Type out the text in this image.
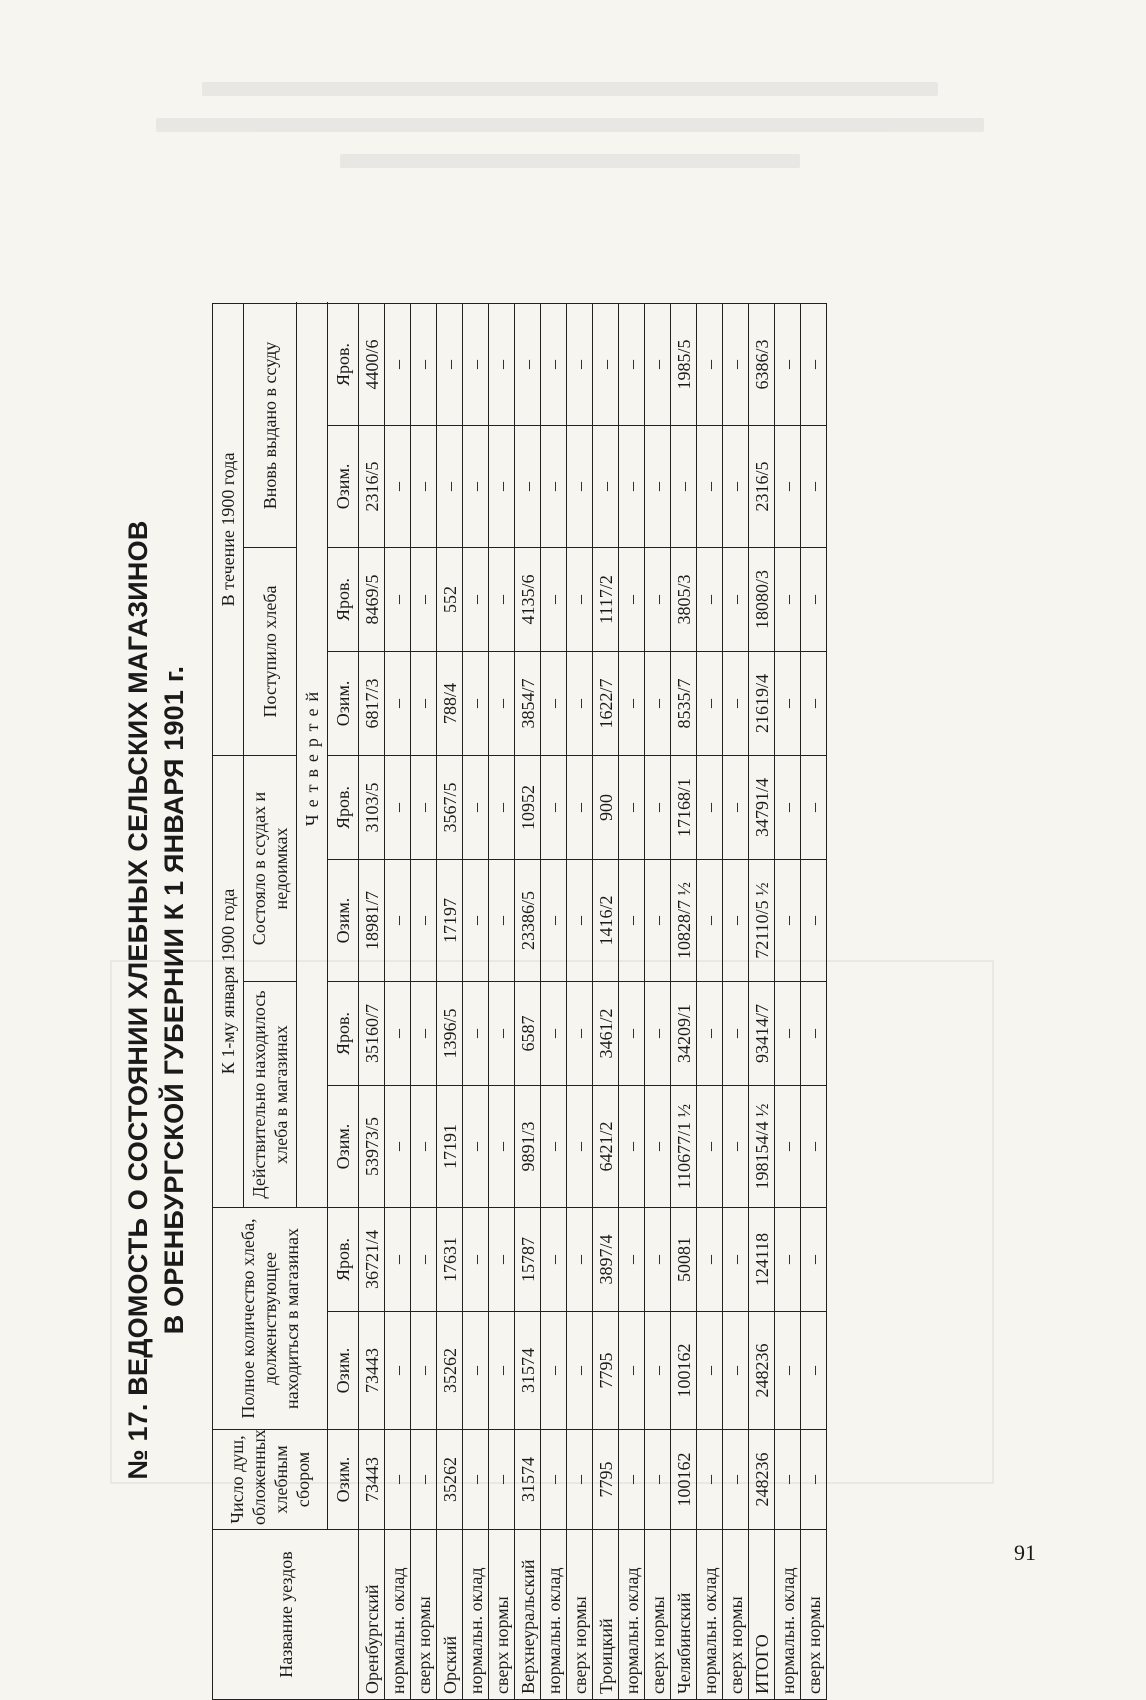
№ 17. ВЕДОМОСТЬ О СОСТОЯНИИ ХЛЕБНЫХ СЕЛЬСКИХ МАГАЗИНОВ В ОРЕНБУРГСКОЙ ГУБЕРНИИ К 1 ЯНВАРЯ 1901 г.
Название уездов	Число душ, обложенных хлебным сбором	Полное количество хлеба, долженствующее находиться в магазинах		К 1-му января 1900 года				В течение 1900 года			
				Действительно находилось хлеба в магазинах		Состояло в ссудах и недоимках		Поступило хлеба		Вновь выдано в ссуду	
				Четвертей							
	Озим.	Озим.	Яров.	Озим.	Яров.	Озим.	Яров.	Озим.	Яров.	Озим.	Яров.
Оренбургский	73443	73443	36721/4	53973/5	35160/7	18981/7	3103/5	6817/3	8469/5	2316/5	4400/6
нормальн. оклад	–	–	–	–	–	–	–	–	–	–	–
сверх нормы	–	–	–	–	–	–	–	–	–	–	–
Орский	35262	35262	17631	17191	1396/5	17197	3567/5	788/4	552	–	–
нормальн. оклад	–	–	–	–	–	–	–	–	–	–	–
сверх нормы	–	–	–	–	–	–	–	–	–	–	–
Верхнеуральский	31574	31574	15787	9891/3	6587	23386/5	10952	3854/7	4135/6	–	–
нормальн. оклад	–	–	–	–	–	–	–	–	–	–	–
сверх нормы	–	–	–	–	–	–	–	–	–	–	–
Троицкий	7795	7795	3897/4	6421/2	3461/2	1416/2	900	1622/7	1117/2	–	–
нормальн. оклад	–	–	–	–	–	–	–	–	–	–	–
сверх нормы	–	–	–	–	–	–	–	–	–	–	–
Челябинский	100162	100162	50081	110677/1 ½	34209/1	10828/7 ½	17168/1	8535/7	3805/3	–	1985/5
нормальн. оклад	–	–	–	–	–	–	–	–	–	–	–
сверх нормы	–	–	–	–	–	–	–	–	–	–	–
ИТОГО	248236	248236	124118	198154/4 ½	93414/7	72110/5 ½	34791/4	21619/4	18080/3	2316/5	6386/3
нормальн. оклад	–	–	–	–	–	–	–	–	–	–	–
сверх нормы	–	–	–	–	–	–	–	–	–	–	–
91
